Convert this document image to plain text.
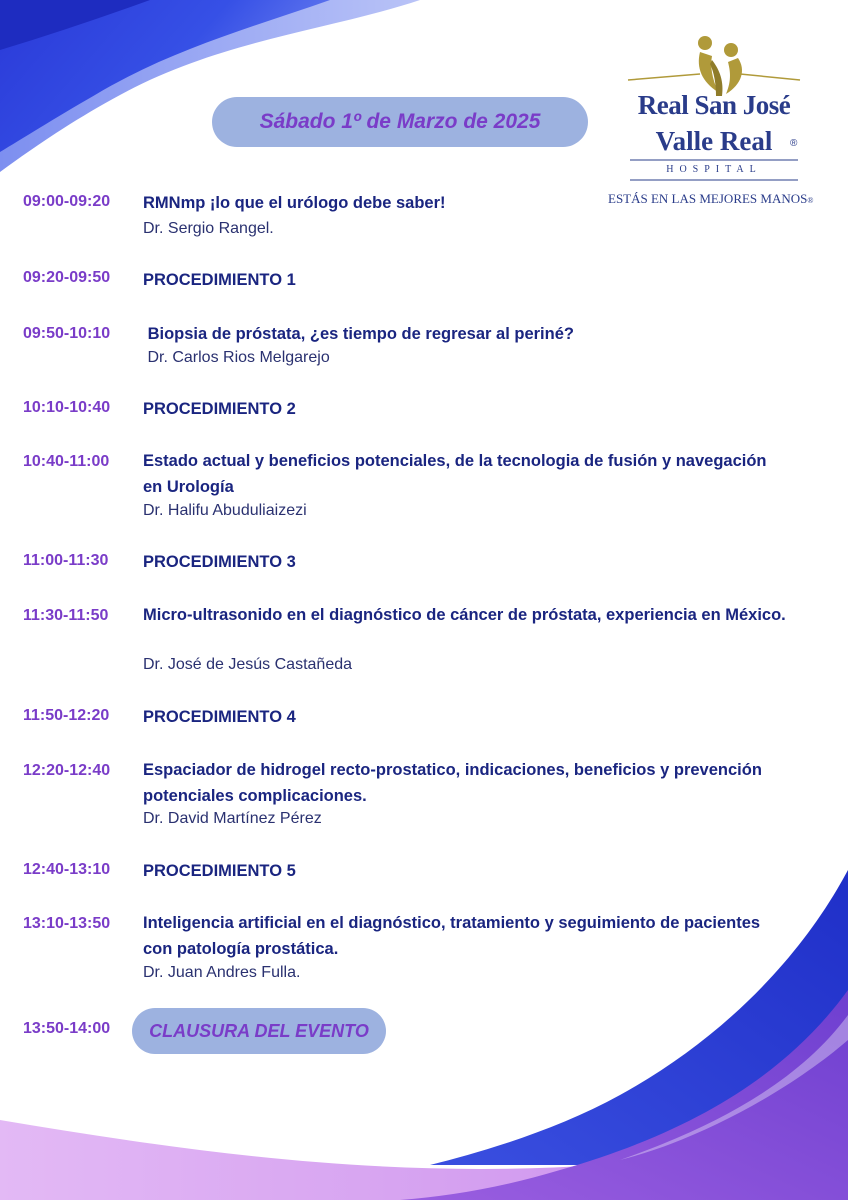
Sábado 1º de Marzo de 2025
Real San José
Valle Real	®
HOSPITAL
ESTÁS EN LAS MEJORES MANOS®
09:00-09:20 RMNmp ¡lo que el urólogo debe saber!
Dr. Sergio Rangel.
09:20-09:50 PROCEDIMIENTO 1
09:50-10:10 Biopsia de próstata, ¿es tiempo de regresar al periné?
Dr. Carlos Rios Melgarejo
10:10-10:40 PROCEDIMIENTO 2
10:40-11:00 Estado actual y beneficios potenciales, de la tecnologia de fusión y navegación en Urología
Dr. Halifu Abuduliaizezi
11:00-11:30 PROCEDIMIENTO 3
11:30-11:50 Micro-ultrasonido en el diagnóstico de cáncer de próstata, experiencia en México.
Dr. José de Jesús Castañeda
11:50-12:20 PROCEDIMIENTO 4
12:20-12:40 Espaciador de hidrogel recto-prostatico, indicaciones, beneficios y prevención potenciales complicaciones.
Dr. David Martínez Pérez
12:40-13:10 PROCEDIMIENTO 5
13:10-13:50 Inteligencia artificial en el diagnóstico, tratamiento y seguimiento de pacientes con patología prostática.
Dr. Juan Andres Fulla.
13:50-14:00	CLAUSURA DEL EVENTO
